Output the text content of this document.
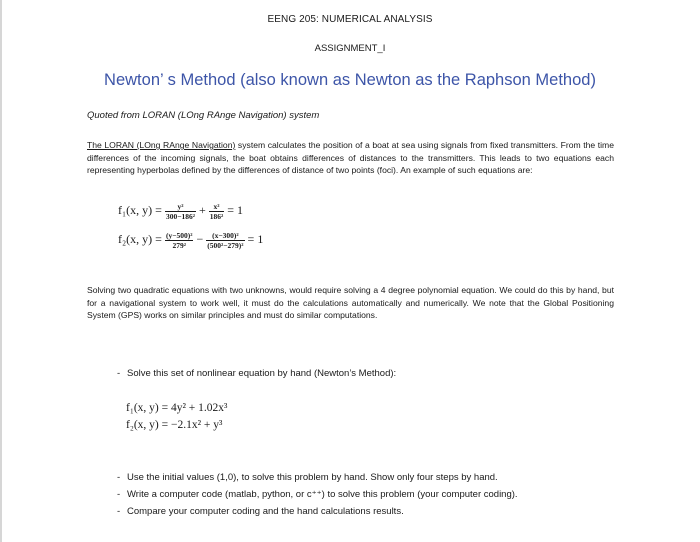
EENG 205: NUMERICAL ANALYSIS
ASSIGNMENT_I
Newton’ s Method (also known as Newton as the Raphson Method)
Quoted from LORAN (LOng RAnge Navigation) system
The LORAN (LOng RAnge Navigation) system calculates the position of a boat at sea using signals from fixed transmitters. From the time differences of the incoming signals, the boat obtains differences of distances to the transmitters. This leads to two equations each representing hyperbolas defined by the differences of distance of two points (foci). An example of such equations are:
f₁(x, $y) = \frac{\text{y²}}{\text{300−186²}} + \frac{\text{x²}}{\text{186²}} = 1$
f₂(x, $y) = \frac{\text{(y−500)²}}{\text{279²}} - \frac{\text{(x−300)²}}{\text{(500²−279)²}} = 1$
Solving two quadratic equations with two unknowns, would require solving a 4 degree polynomial equation. We could do this by hand, but for a navigational system to work well, it must do the calculations automatically and numerically. We note that the Global Positioning System (GPS) works on similar principles and must do similar computations.
- Solve this set of nonlinear equation by hand (Newton’s Method):
f₁(x, y) = 4y² + 1.02x³
f₂(x, y) = −2.1x² + y³
- Use the initial values (1,0), to solve this problem by hand. Show only four steps by hand.
- Write a computer code (matlab, python, or c⁺⁺) to solve this problem (your computer coding).
- Compare your computer coding and the hand calculations results.
